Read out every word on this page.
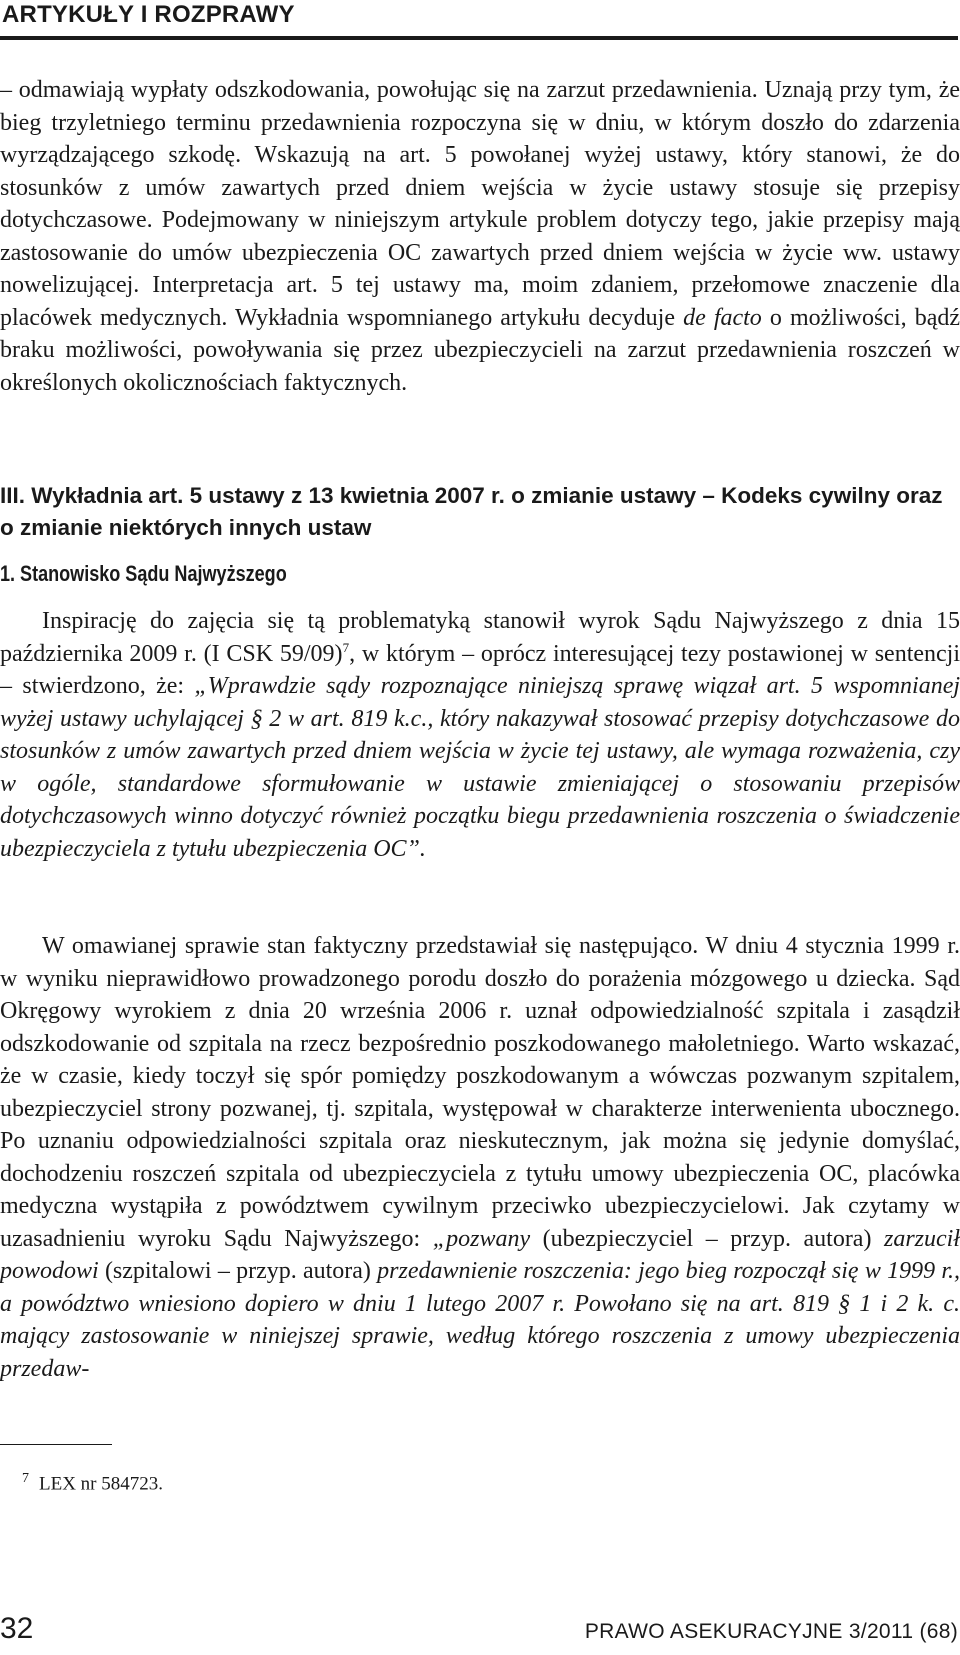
ARTYKUŁY I ROZPRAWY

– odmawiają wypłaty odszkodowania, powołując się na zarzut przedawnienia. Uznają przy tym, że bieg trzyletniego terminu przedawnienia rozpoczyna się w dniu, w którym doszło do zdarzenia wyrządzającego szkodę. Wskazują na art. 5 powołanej wyżej ustawy, który stanowi, że do stosunków z umów zawartych przed dniem wejścia w życie ustawy stosuje się przepisy dotychczasowe. Podejmowany w niniejszym artykule problem dotyczy tego, jakie przepisy mają zastosowanie do umów ubezpieczenia OC zawartych przed dniem wejścia w życie ww. ustawy nowelizującej. Interpretacja art. 5 tej ustawy ma, moim zdaniem, przełomowe znaczenie dla placówek medycznych. Wykładnia wspomnianego artykułu decyduje de facto o możliwości, bądź braku możliwości, powoływania się przez ubezpieczycieli na zarzut przedawnienia roszczeń w określonych okolicznościach faktycznych.

III. Wykładnia art. 5 ustawy z 13 kwietnia 2007 r. o zmianie ustawy – Kodeks cywilny oraz o zmianie niektórych innych ustaw
1. Stanowisko Sądu Najwyższego

Inspirację do zajęcia się tą problematyką stanowił wyrok Sądu Najwyższego z dnia 15 października 2009 r. (I CSK 59/09)$^7$, w którym – oprócz interesującej tezy postawionej w sentencji – stwierdzono, że: „Wprawdzie sądy rozpoznające niniejszą sprawę wiązał art. 5 wspomnianej wyżej ustawy uchylającej § 2 w art. 819 k.c., który nakazywał stosować przepisy dotychczasowe do stosunków z umów zawartych przed dniem wejścia w życie tej ustawy, ale wymaga rozważenia, czy w ogóle, standardowe sformułowanie w ustawie zmieniającej o stosowaniu przepisów dotychczasowych winno dotyczyć również początku biegu przedawnienia roszczenia o świadczenie ubezpieczyciela z tytułu ubezpieczenia OC”.

W omawianej sprawie stan faktyczny przedstawiał się następująco. W dniu 4 stycznia 1999 r. w wyniku nieprawidłowo prowadzonego porodu doszło do porażenia mózgowego u dziecka. Sąd Okręgowy wyrokiem z dnia 20 września 2006 r. uznał odpowiedzialność szpitala i zasądził odszkodowanie od szpitala na rzecz bezpośrednio poszkodowanego małoletniego. Warto wskazać, że w czasie, kiedy toczył się spór pomiędzy poszkodowanym a wówczas pozwanym szpitalem, ubezpieczyciel strony pozwanej, tj. szpitala, występował w charakterze interwenienta ubocznego. Po uznaniu odpowiedzialności szpitala oraz nieskutecznym, jak można się jedynie domyślać, dochodzeniu roszczeń szpitala od ubezpieczyciela z tytułu umowy ubezpieczenia OC, placówka medyczna wystąpiła z powództwem cywilnym przeciwko ubezpieczycielowi. Jak czytamy w uzasadnieniu wyroku Sądu Najwyższego: „pozwany (ubezpieczyciel – przyp. autora) zarzucił powodowi (szpitalowi – przyp. autora) przedawnienie roszczenia: jego bieg rozpoczął się w 1999 r., a powództwo wniesiono dopiero w dniu 1 lutego 2007 r. Powołano się na art. 819 § 1 i 2 k. c. mający zastosowanie w niniejszej sprawie, według którego roszczenia z umowy ubezpieczenia przedaw-

$^7$ LEX nr 584723.
32	PRAWO ASEKURACYJNE 3/2011 (68)
